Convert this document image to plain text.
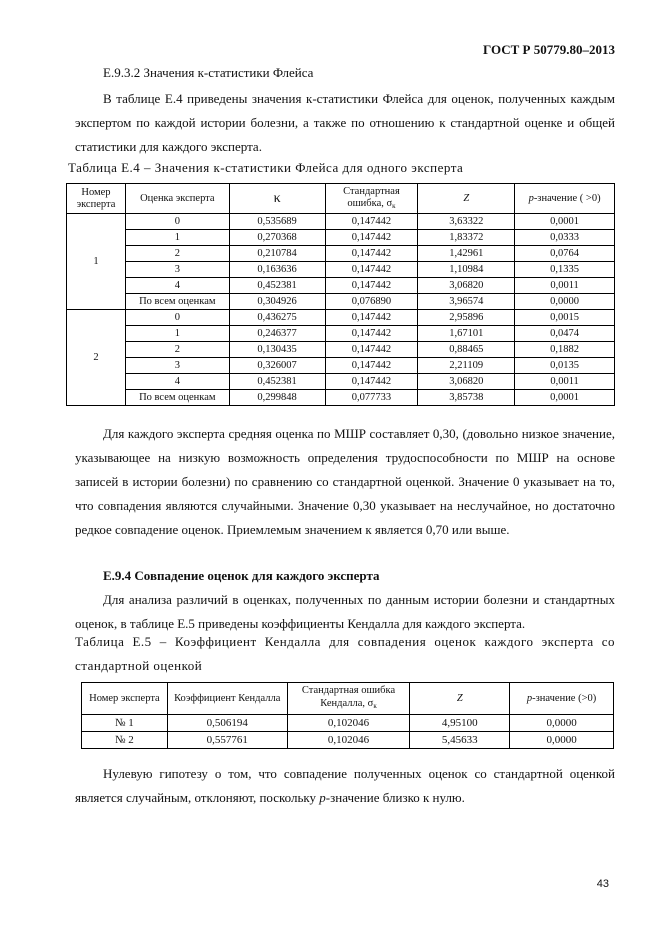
ГОСТ Р 50779.80–2013
Е.9.3.2 Значения к-статистики Флейса
В таблице Е.4 приведены значения к-статистики Флейса для оценок, полученных каждым экспертом по каждой истории болезни, а также по отношению к стандартной оценке и общей статистики для каждого эксперта.
Таблица Е.4 – Значения к-статистики Флейса для одного эксперта
Номер эксперта	Оценка эксперта	κ	Стандартная ошибка, $\sigma_к$	Z	p-значение ( >0)
1	0	0,535689	0,147442	3,63322	0,0001
	1	0,270368	0,147442	1,83372	0,0333
	2	0,210784	0,147442	1,42961	0,0764
	3	0,163636	0,147442	1,10984	0,1335
	4	0,452381	0,147442	3,06820	0,0011
	По всем оценкам	0,304926	0,076890	3,96574	0,0000
2	0	0,436275	0,147442	2,95896	0,0015
	1	0,246377	0,147442	1,67101	0,0474
	2	0,130435	0,147442	0,88465	0,1882
	3	0,326007	0,147442	2,21109	0,0135
	4	0,452381	0,147442	3,06820	0,0011
	По всем оценкам	0,299848	0,077733	3,85738	0,0001
Для каждого эксперта средняя оценка по МШР составляет 0,30, (довольно низкое значение, указывающее на низкую возможность определения трудоспособности по МШР на основе записей в истории болезни) по сравнению со стандартной оценкой. Значение 0 указывает на то, что совпадения являются случайными. Значение 0,30 указывает на неслучайное, но достаточно редкое совпадение оценок. Приемлемым значением к является 0,70 или выше.
Е.9.4 Совпадение оценок для каждого эксперта
Для анализа различий в оценках, полученных по данным истории болезни и стандартных оценок, в таблице Е.5 приведены коэффициенты Кендалла для каждого эксперта.
Таблица Е.5 – Коэффициент Кендалла для совпадения оценок каждого эксперта со
стандартной оценкой
Номер эксперта	Коэффициент Кендалла	Стандартная ошибка Кендалла, $\sigma_к$	Z	p-значение (>0)
№ 1	0,506194	0,102046	4,95100	0,0000
№ 2	0,557761	0,102046	5,45633	0,0000
Нулевую гипотезу о том, что совпадение полученных оценок со стандартной оценкой является случайным, отклоняют, поскольку p-значение близко к нулю.
43
